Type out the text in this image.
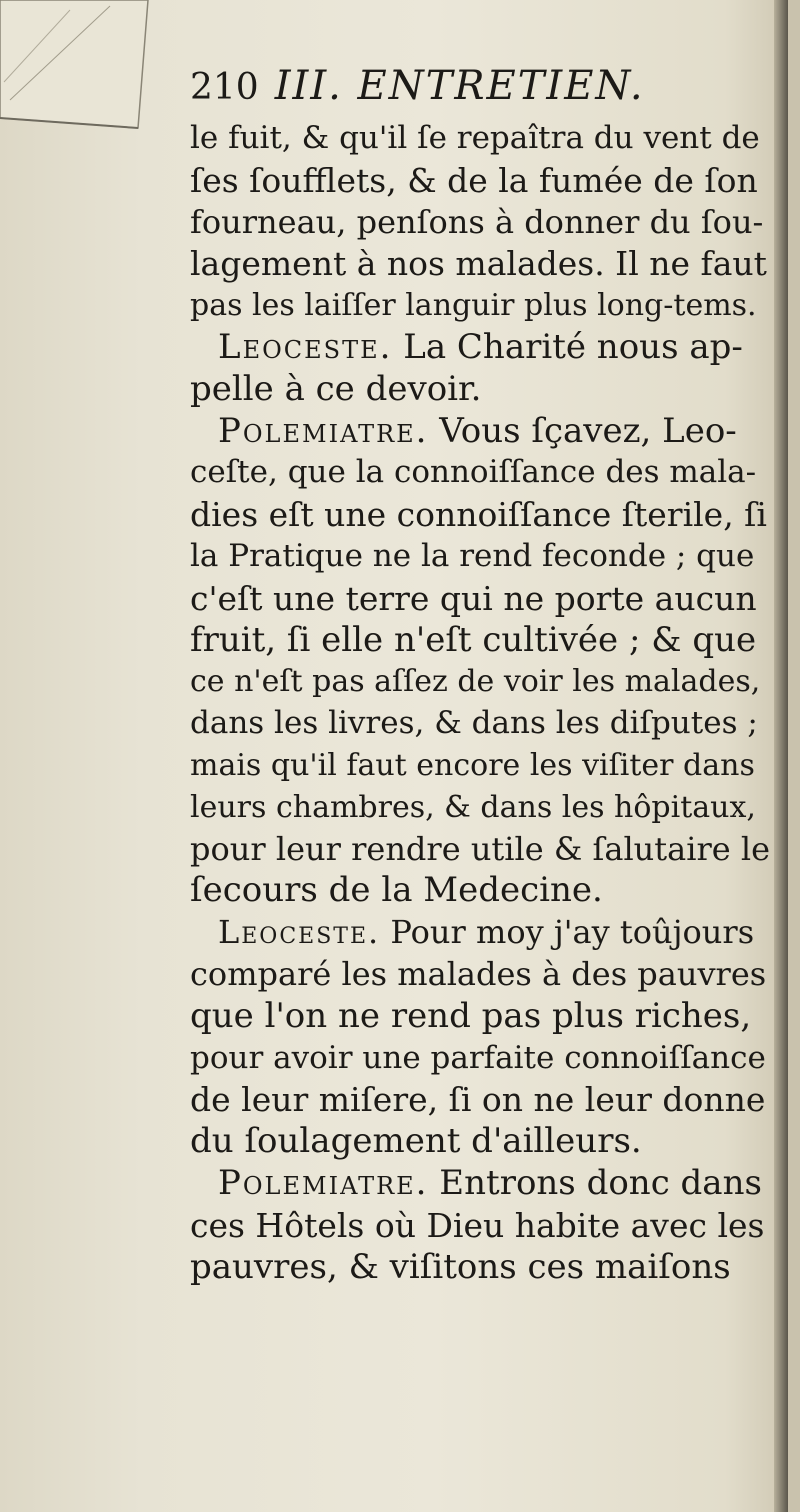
210 III. ENTRETIEN.
le fuit, & qu'il ſe repaîtra du vent de
ſes ſoufflets, & de la fumée de ſon
fourneau, penſons à donner du ſou-
lagement à nos malades. Il ne faut
pas les laiſſer languir plus long-tems.
Leoceste. La Charité nous ap-
pelle à ce devoir.
Polemiatre. Vous ſçavez, Leo-
ceſte, que la connoiſſance des mala-
dies eſt une connoiſſance ſterile, ſi
la Pratique ne la rend feconde ; que
c'eſt une terre qui ne porte aucun
fruit, ſi elle n'eſt cultivée ; & que
ce n'eſt pas aſſez de voir les malades,
dans les livres, & dans les diſputes ;
mais qu'il faut encore les viſiter dans
leurs chambres, & dans les hôpitaux,
pour leur rendre utile & ſalutaire le
ſecours de la Medecine.
Leoceste. Pour moy j'ay toûjours
comparé les malades à des pauvres
que l'on ne rend pas plus riches,
pour avoir une parfaite connoiſſance
de leur miſere, ſi on ne leur donne
du ſoulagement d'ailleurs.
Polemiatre. Entrons donc dans
ces Hôtels où Dieu habite avec les
pauvres, & viſitons ces maiſons
